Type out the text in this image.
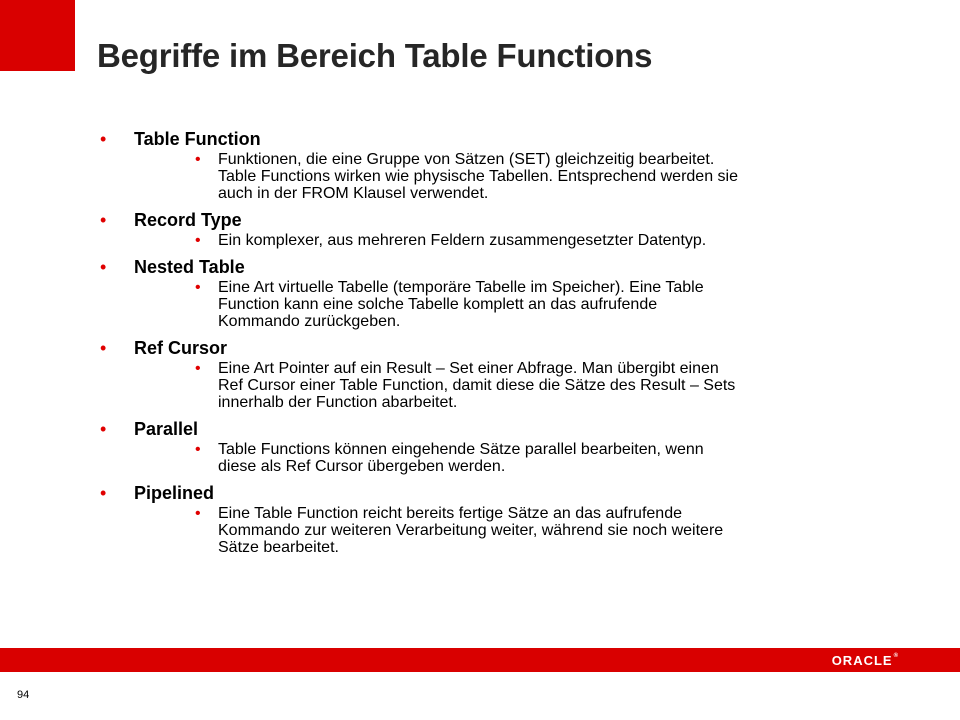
Begriffe im Bereich Table Functions
• Table Function
• Funktionen, die eine Gruppe von Sätzen (SET) gleichzeitig bearbeitet.
Table Functions wirken wie physische Tabellen. Entsprechend werden sie
auch in der FROM Klausel verwendet.
• Record Type
• Ein komplexer, aus mehreren Feldern zusammengesetzter Datentyp.
• Nested Table
• Eine Art virtuelle Tabelle (temporäre Tabelle im Speicher). Eine Table
Function kann eine solche Tabelle komplett an das aufrufende
Kommando zurückgeben.
• Ref Cursor
• Eine Art Pointer auf ein Result – Set einer Abfrage. Man übergibt einen
Ref Cursor einer Table Function, damit diese die Sätze des Result – Sets
innerhalb der Function abarbeitet.
• Parallel
• Table Functions können eingehende Sätze parallel bearbeiten, wenn
diese als Ref Cursor übergeben werden.
• Pipelined
• Eine Table Function reicht bereits fertige Sätze an das aufrufende
Kommando zur weiteren Verarbeitung weiter, während sie noch weitere
Sätze bearbeitet.
ORACLE ®
94
